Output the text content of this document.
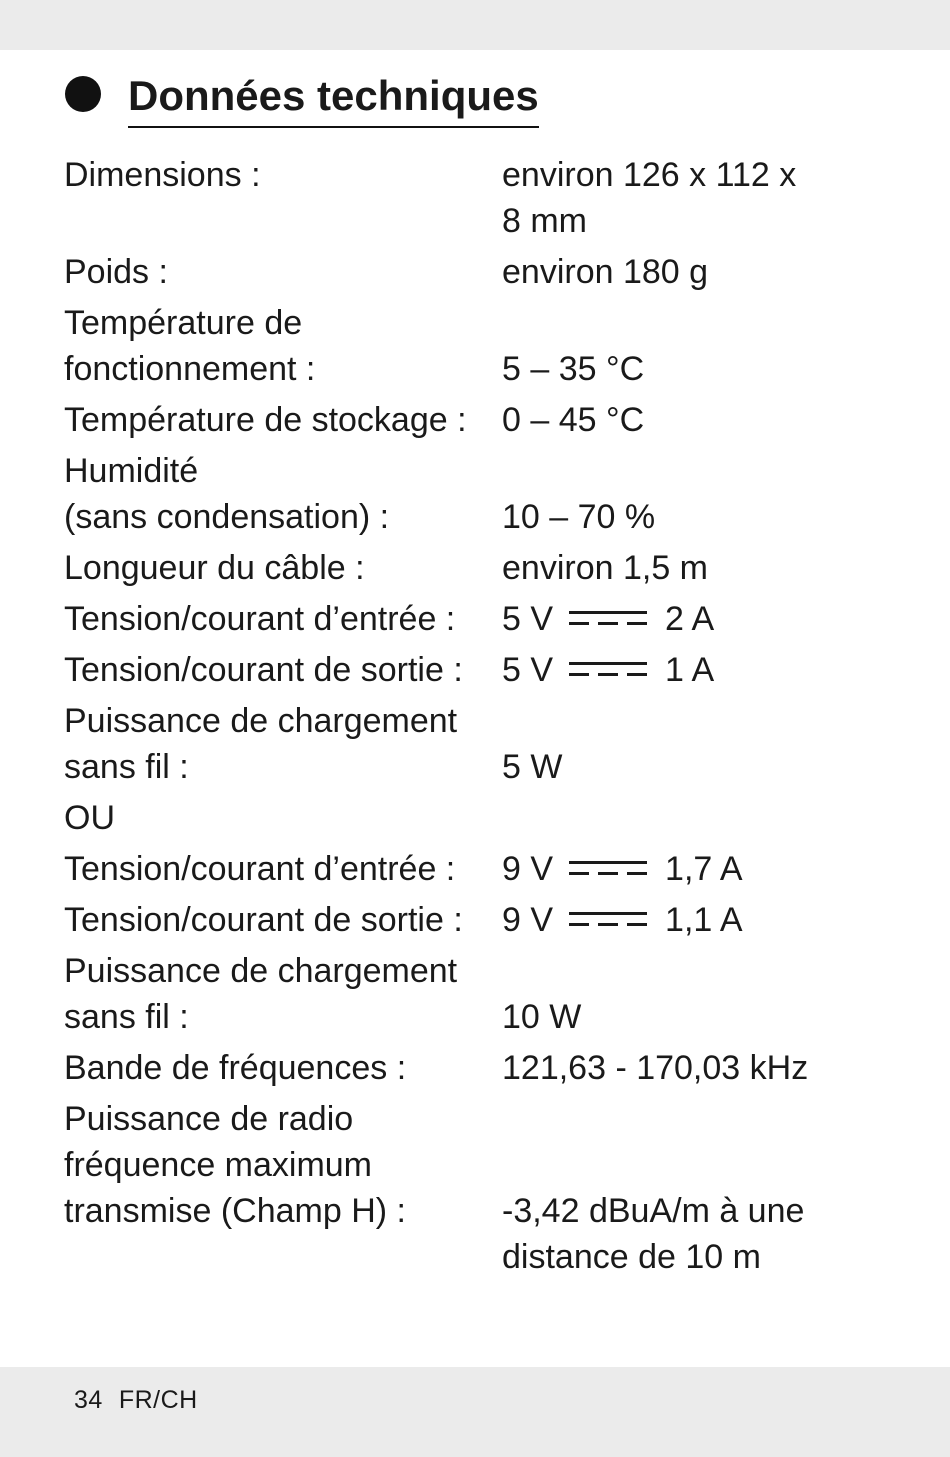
Données techniques
Dimensions :	environ 126 x 112 x
8 mm
Poids :	environ 180 g
Température de
fonctionnement :	5 – 35 °C
Température de stockage :	0 – 45 °C
Humidité
(sans condensation) :	10 – 70 %
Longueur du câble :	environ 1,5 m
Tension/courant d’entrée :	5 V	2 A
Tension/courant de sortie :	5 V	1 A
Puissance de chargement
sans fil :	5 W
OU
Tension/courant d’entrée :	9 V	1,7 A
Tension/courant de sortie :	9 V	1,1 A
Puissance de chargement
sans fil :	10 W
Bande de fréquences :	121,63 - 170,03 kHz
Puissance de radio
fréquence maximum
transmise (Champ H) :	-3,42 dBuA/m à une
distance de 10 m
34 FR/CH
